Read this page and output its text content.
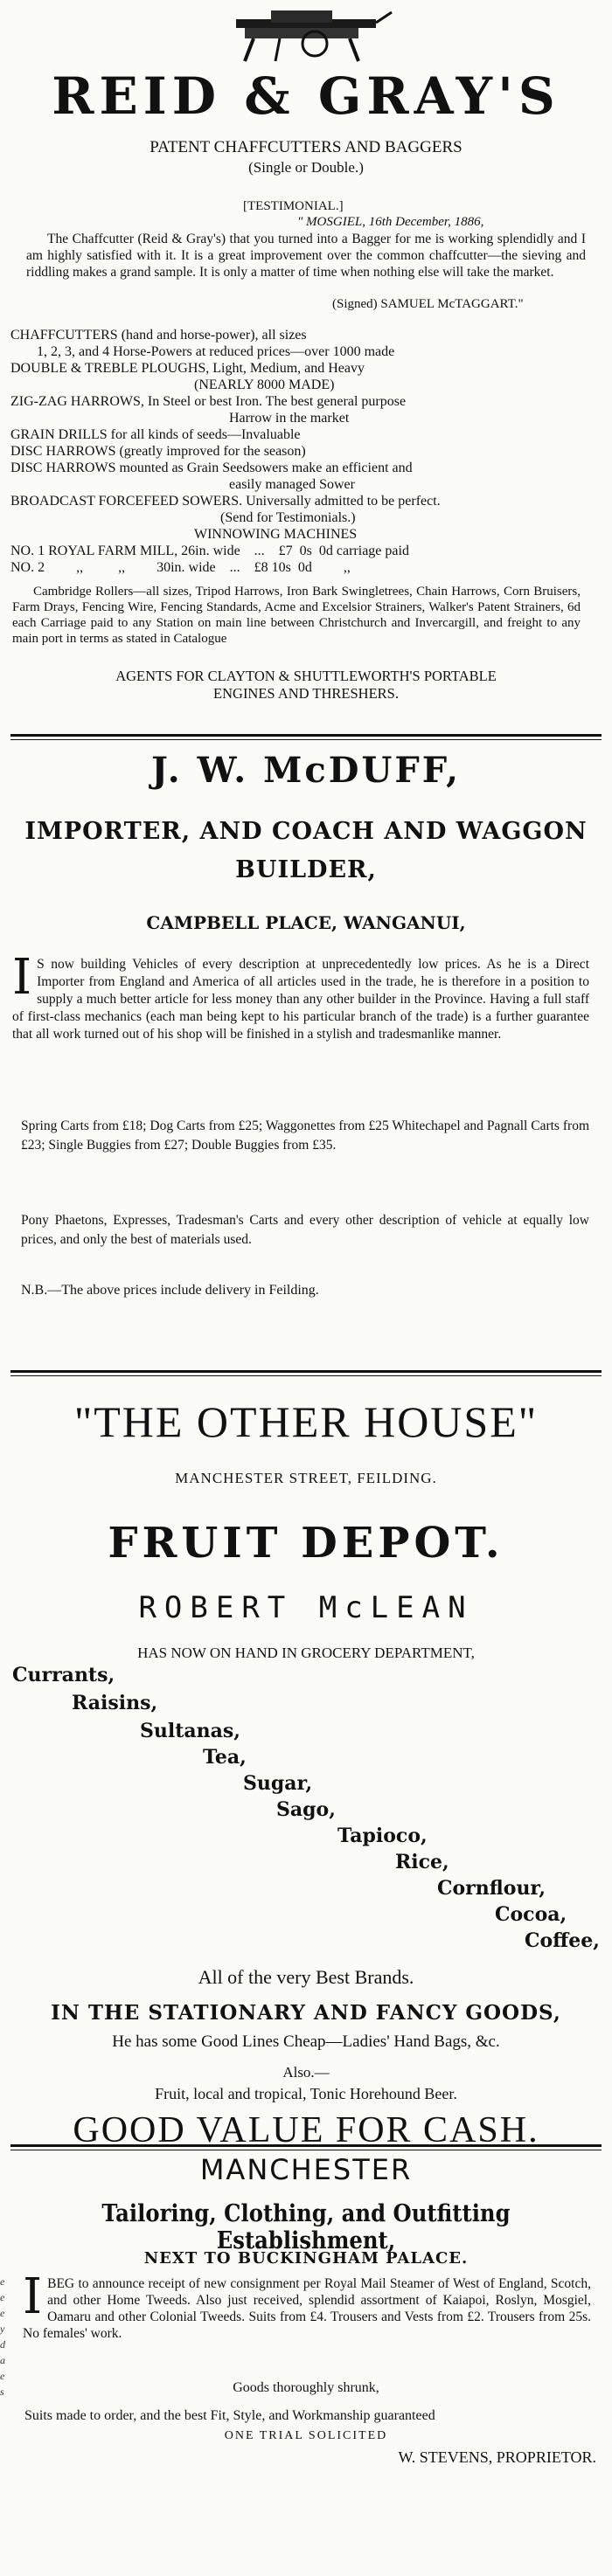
REID & GRAY'S
PATENT CHAFFCUTTERS AND BAGGERS
(Single or Double.)
[TESTIMONIAL.]
" MOSGIEL, 16th December, 1886,
The Chaffcutter (Reid & Gray's) that you turned into a Bagger for me is working splendidly and I am highly satisfied with it. It is a great improvement over the common chaffcutter—the sieving and riddling makes a grand sample. It is only a matter of time when nothing else will take the market.
(Signed) SAMUEL McTAGGART."
CHAFFCUTTERS (hand and horse-power), all sizes
1, 2, 3, and 4 Horse-Powers at reduced prices—over 1000 made
DOUBLE & TREBLE PLOUGHS, Light, Medium, and Heavy
(NEARLY 8000 MADE)
ZIG-ZAG HARROWS, In Steel or best Iron. The best general purpose
Harrow in the market
GRAIN DRILLS for all kinds of seeds—Invaluable
DISC HARROWS (greatly improved for the season)
DISC HARROWS mounted as Grain Seedsowers make an efficient and
easily managed Sower
BROADCAST FORCEFEED SOWERS. Universally admitted to be perfect.
(Send for Testimonials.)
WINNOWING MACHINES
NO. 1 ROYAL FARM MILL, 26in. wide    ...    £7  0s  0d carriage paid
NO. 2         ,,          ,,         30in. wide    ...    £8 10s  0d         ,,
Cambridge Rollers—all sizes, Tripod Harrows, Iron Bark Swingletrees, Chain Harrows, Corn Bruisers, Farm Drays, Fencing Wire, Fencing Standards, Acme and Excelsior Strainers, Walker's Patent Strainers, 6d each Carriage paid to any Station on main line between Christchurch and Invercargill, and freight to any main port in terms as stated in Catalogue
AGENTS FOR CLAYTON & SHUTTLEWORTH'S PORTABLE
ENGINES AND THRESHERS.
J. W. McDUFF,
IMPORTER, AND COACH AND WAGGON
BUILDER,
CAMPBELL PLACE, WANGANUI,
I S now building Vehicles of every description at unprecedentedly low prices. As he is a Direct Importer from England and America of all articles used in the trade, he is therefore in a position to supply a much better article for less money than any other builder in the Province. Having a full staff of first-class mechanics (each man being kept to his particular branch of the trade) is a further guarantee that all work turned out of his shop will be finished in a stylish and tradesmanlike manner.
Spring Carts from £18; Dog Carts from £25; Waggonettes from £25 Whitechapel and Pagnall Carts from £23; Single Buggies from £27; Double Buggies from £35.
Pony Phaetons, Expresses, Tradesman's Carts and every other description of vehicle at equally low prices, and only the best of materials used.
N.B.—The above prices include delivery in Feilding.
"THE OTHER HOUSE"
MANCHESTER STREET, FEILDING.
FRUIT DEPOT.
ROBERT McLEAN
HAS NOW ON HAND IN GROCERY DEPARTMENT,
Currants,
Raisins,
Sultanas,
Tea,
Sugar,
Sago,
Tapioco,
Rice,
Cornflour,
Cocoa,
Coffee,
All of the very Best Brands.
IN THE STATIONARY AND FANCY GOODS,
He has some Good Lines Cheap—Ladies' Hand Bags, &c.
Also.—
Fruit, local and tropical, Tonic Horehound Beer.
GOOD VALUE FOR CASH.
e
e
e
y
d
a
e
s
MANCHESTER
Tailoring, Clothing, and Outfitting Establishment,
NEXT TO BUCKINGHAM PALACE.
I BEG to announce receipt of new consignment per Royal Mail Steamer of West of England, Scotch, and other Home Tweeds. Also just received, splendid assortment of Kaiapoi, Roslyn, Mosgiel, Oamaru and other Colonial Tweeds. Suits from £4. Trousers and Vests from £2. Trousers from 25s. No females' work.
Goods thoroughly shrunk,
Suits made to order, and the best Fit, Style, and Workmanship guaranteed
ONE TRIAL SOLICITED
W. STEVENS, PROPRIETOR.
